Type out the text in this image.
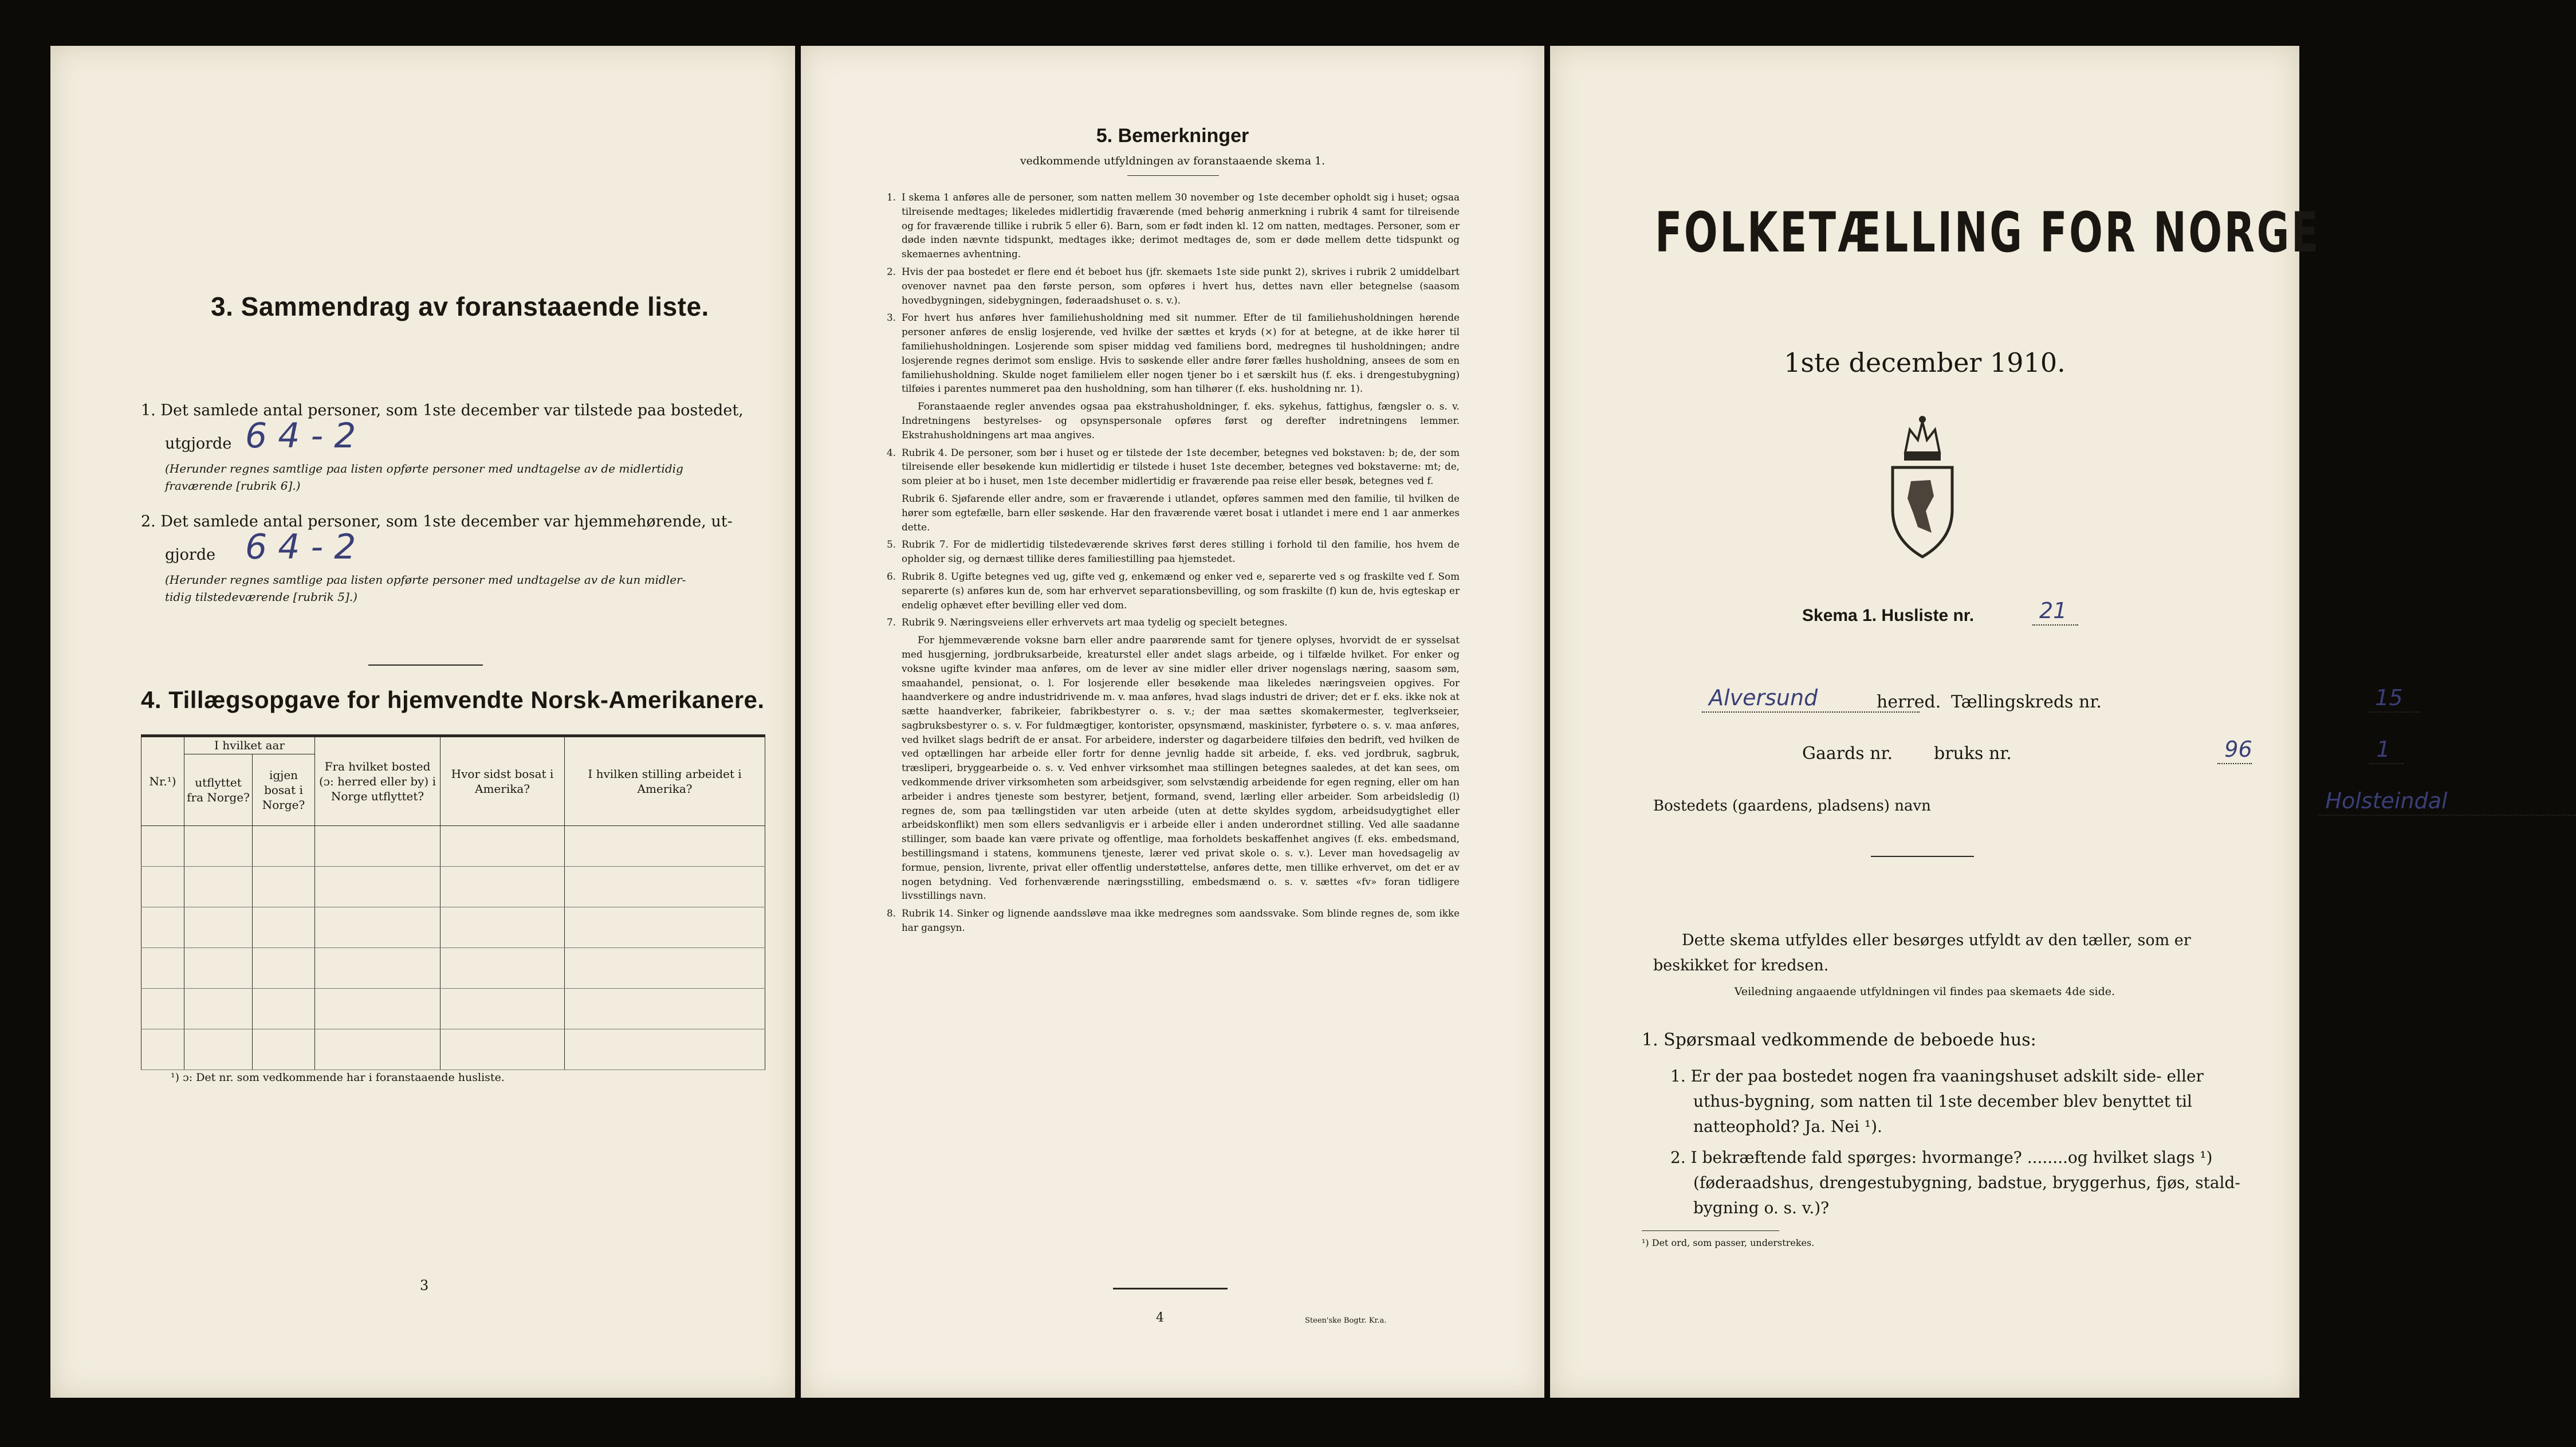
3. Sammendrag av foranstaaende liste.
1. Det samlede antal personer, som 1ste december var tilstede paa bostedet,
utgjorde 6 4 - 2
(Herunder regnes samtlige paa listen opførte personer med undtagelse av de midlertidig
fraværende [rubrik 6].)
2. Det samlede antal personer, som 1ste december var hjemmehørende, ut-
gjorde 6 4 - 2
(Herunder regnes samtlige paa listen opførte personer med undtagelse av de kun midler-
tidig tilstedeværende [rubrik 5].)
4. Tillægsopgave for hjemvendte Norsk-Amerikanere.
Nr.¹)	I hvilket aar		Fra hvilket bosted (ɔ: herred eller by) i Norge utflyttet?	Hvor sidst bosat i Amerika?	I hvilken stilling arbeidet i Amerika?
	utflyttet fra Norge?	igjen bosat i Norge?			

¹) ɔ: Det nr. som vedkommende har i foranstaaende husliste.
3
5. Bemerkninger
vedkommende utfyldningen av foranstaaende skema 1.
1. I skema 1 anføres alle de personer, som natten mellem 30 november og 1ste december opholdt sig i huset; ogsaa tilreisende medtages; likeledes midlertidig fraværende (med behørig anmerkning i rubrik 4 samt for tilreisende og for fraværende tillike i rubrik 5 eller 6). Barn, som er født inden kl. 12 om natten, medtages. Personer, som er døde inden nævnte tidspunkt, medtages ikke; derimot medtages de, som er døde mellem dette tidspunkt og skemaernes avhentning.
2. Hvis der paa bostedet er flere end ét beboet hus (jfr. skemaets 1ste side punkt 2), skrives i rubrik 2 umiddelbart ovenover navnet paa den første person, som opføres i hvert hus, dettes navn eller betegnelse (saasom hovedbygningen, sidebygningen, føderaadshuset o. s. v.).
3. For hvert hus anføres hver familiehusholdning med sit nummer. Efter de til familiehusholdningen hørende personer anføres de enslig losjerende, ved hvilke der sættes et kryds (×) for at betegne, at de ikke hører til familiehusholdningen. Losjerende som spiser middag ved familiens bord, medregnes til husholdningen; andre losjerende regnes derimot som enslige. Hvis to søskende eller andre fører fælles husholdning, ansees de som en familiehusholdning. Skulde noget familielem eller nogen tjener bo i et særskilt hus (f. eks. i drengestubygning) tilføies i parentes nummeret paa den husholdning, som han tilhører (f. eks. husholdning nr. 1).
Foranstaaende regler anvendes ogsaa paa ekstrahusholdninger, f. eks. sykehus, fattighus, fængsler o. s. v. Indretningens bestyrelses- og opsynspersonale opføres først og derefter indretningens lemmer. Ekstrahusholdningens art maa angives.
4. Rubrik 4. De personer, som bør i huset og er tilstede der 1ste december, betegnes ved bokstaven: b; de, der som tilreisende eller besøkende kun midlertidig er tilstede i huset 1ste december, betegnes ved bokstaverne: mt; de, som pleier at bo i huset, men 1ste december midlertidig er fraværende paa reise eller besøk, betegnes ved f.
Rubrik 6. Sjøfarende eller andre, som er fraværende i utlandet, opføres sammen med den familie, til hvilken de hører som egtefælle, barn eller søskende. Har den fraværende været bosat i utlandet i mere end 1 aar anmerkes dette.
5. Rubrik 7. For de midlertidig tilstedeværende skrives først deres stilling i forhold til den familie, hos hvem de opholder sig, og dernæst tillike deres familiestilling paa hjemstedet.
6. Rubrik 8. Ugifte betegnes ved ug, gifte ved g, enkemænd og enker ved e, separerte ved s og fraskilte ved f. Som separerte (s) anføres kun de, som har erhvervet separationsbevilling, og som fraskilte (f) kun de, hvis egteskap er endelig ophævet efter bevilling eller ved dom.
7. Rubrik 9. Næringsveiens eller erhvervets art maa tydelig og specielt betegnes.
For hjemmeværende voksne barn eller andre paarørende samt for tjenere oplyses, hvorvidt de er sysselsat med husgjerning, jordbruksarbeide, kreaturstel eller andet slags arbeide, og i tilfælde hvilket. For enker og voksne ugifte kvinder maa anføres, om de lever av sine midler eller driver nogenslags næring, saasom søm, smaahandel, pensionat, o. l. For losjerende eller besøkende maa likeledes næringsveien opgives. For haandverkere og andre industridrivende m. v. maa anføres, hvad slags industri de driver; det er f. eks. ikke nok at sætte haandverker, fabrikeier, fabrikbestyrer o. s. v.; der maa sættes skomakermester, teglverkseier, sagbruksbestyrer o. s. v. For fuldmægtiger, kontorister, opsynsmænd, maskinister, fyrbøtere o. s. v. maa anføres, ved hvilket slags bedrift de er ansat. For arbeidere, inderster og dagarbeidere tilføies den bedrift, ved hvilken de ved optællingen har arbeide eller fortr for denne jevnlig hadde sit arbeide, f. eks. ved jordbruk, sagbruk, træsliperi, bryggearbeide o. s. v. Ved enhver virksomhet maa stillingen betegnes saaledes, at det kan sees, om vedkommende driver virksomheten som arbeidsgiver, som selvstændig arbeidende for egen regning, eller om han arbeider i andres tjeneste som bestyrer, betjent, formand, svend, lærling eller arbeider. Som arbeidsledig (l) regnes de, som paa tællingstiden var uten arbeide (uten at dette skyldes sygdom, arbeidsudygtighet eller arbeidskonflikt) men som ellers sedvanligvis er i arbeide eller i anden underordnet stilling. Ved alle saadanne stillinger, som baade kan være private og offentlige, maa forholdets beskaffenhet angives (f. eks. embedsmand, bestillingsmand i statens, kommunens tjeneste, lærer ved privat skole o. s. v.). Lever man hovedsagelig av formue, pension, livrente, privat eller offentlig understøttelse, anføres dette, men tillike erhvervet, om det er av nogen betydning. Ved forhenværende næringsstilling, embedsmænd o. s. v. sættes «fv» foran tidligere livsstillings navn.
8. Rubrik 14. Sinker og lignende aandssløve maa ikke medregnes som aandssvake. Som blinde regnes de, som ikke har gangsyn.
4	Steen'ske Bogtr. Kr.a.
FOLKETÆLLING FOR NORGE
1ste december 1910.
Skema 1. Husliste nr.	21

Alversund
	herred. Tællingskreds nr.	15

Gaards nr.	96

bruks nr.	1

Bostedets (gaardens, pladsens) navn	Holsteindal
Dette skema utfyldes eller besørges utfyldt av den tæller, som er
beskikket for kredsen.
Veiledning angaaende utfyldningen vil findes paa skemaets 4de side.
1. Spørsmaal vedkommende de beboede hus:
1. Er der paa bostedet nogen fra vaaningshuset adskilt side- eller
uthus-bygning, som natten til 1ste december blev benyttet til
natteophold? Ja. Nei ¹).
2. I bekræftende fald spørges: hvormange? ........og hvilket slags ¹)
(føderaadshus, drengestubygning, badstue, bryggerhus, fjøs, stald-
bygning o. s. v.)?
¹) Det ord, som passer, understrekes.
